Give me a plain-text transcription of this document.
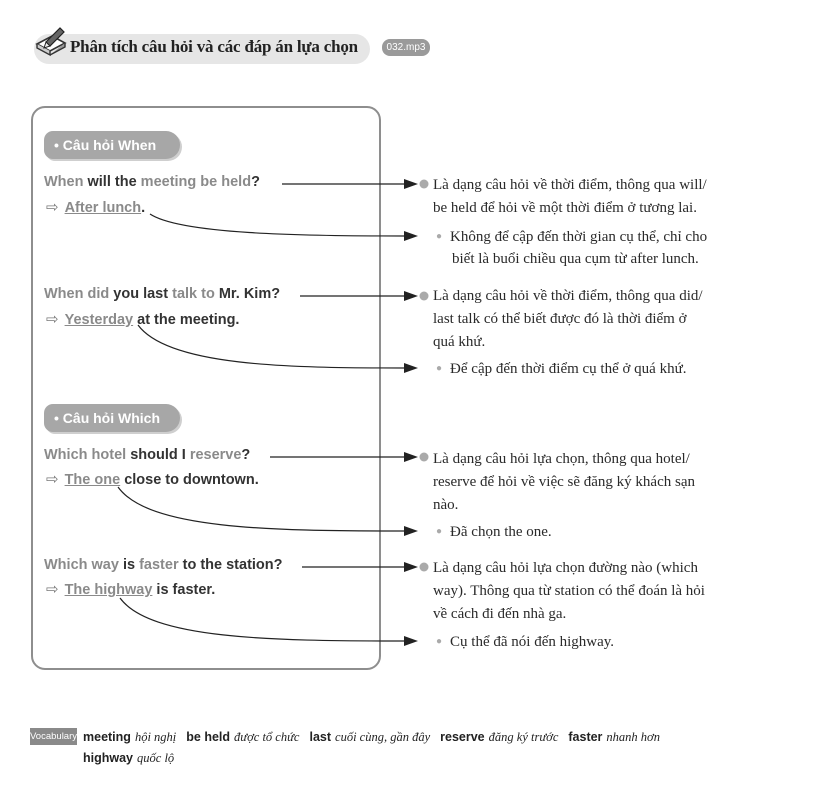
Phân tích câu hỏi và các đáp án lựa chọn	032.mp3
• Câu hỏi When
• Câu hỏi Which
When will the meeting be held?
⇨ After lunch.
Là dạng câu hỏi về thời điểm, thông qua will/
be held để hỏi về một thời điểm ở tương lai.
● Không để cập đến thời gian cụ thể, chỉ cho
biết là buổi chiều qua cụm từ after lunch.
When did you last talk to Mr. Kim?
⇨ Yesterday at the meeting.
Là dạng câu hỏi về thời điểm, thông qua did/
last talk có thể biết được đó là thời điểm ở
quá khứ.
● Để cập đến thời điểm cụ thể ở quá khứ.
Which hotel should I reserve?
⇨ The one close to downtown.
Là dạng câu hỏi lựa chọn, thông qua hotel/
reserve để hỏi về việc sẽ đăng ký khách sạn
nào.
● Đã chọn the one.
Which way is faster to the station?
⇨ The highway is faster.
Là dạng câu hỏi lựa chọn đường nào (which
way). Thông qua từ station có thể đoán là hỏi
về cách đi đến nhà ga.
● Cụ thể đã nói đến highway.
Vocabulary meeting hội nghị be held được tổ chức last cuối cùng, gần đây reserve đăng ký trước faster nhanh hơn
highway quốc lộ
